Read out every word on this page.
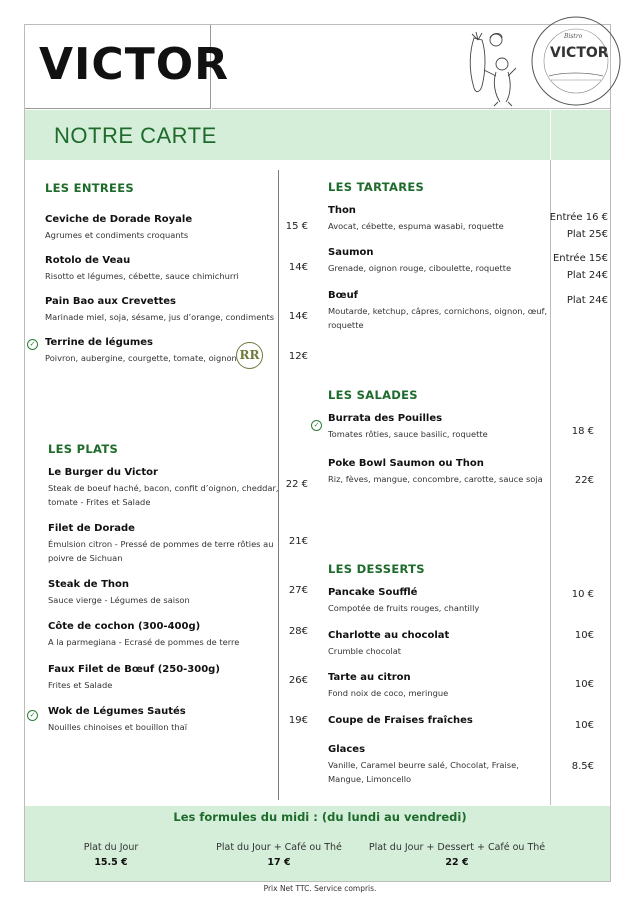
VICTOR
Bistro
VICTOR
NOTRE CARTE
LES ENTREES
Ceviche de Dorade Royale
Agrumes et condiments croquants
15 €
Rotolo de Veau
Risotto et légumes, cébette, sauce chimichurri
14€
Pain Bao aux Crevettes
Marinade miel, soja, sésame, jus d’orange, condiments	14€
✓ Terrine de légumes
Poivron, aubergine, courgette, tomate, oignon RR	12€
LES PLATS
Le Burger du Victor
Steak de boeuf haché, bacon, confit d’oignon, cheddar,
tomate - Frites et Salade
22 €
Filet de Dorade
Émulsion citron - Pressé de pommes de terre rôties au
poivre de Sichuan
21€
Steak de Thon
Sauce vierge - Légumes de saison
27€
Côte de cochon (300-400g)
A la parmegiana - Ecrasé de pommes de terre
28€
Faux Filet de Bœuf (250-300g)
Frites et Salade	26€
✓ Wok de Légumes Sautés
Nouilles chinoises et bouillon thaï
19€
LES TARTARES
Thon
Avocat, cébette, espuma wasabi, roquette
Entrée 16 €
Plat 25€
Saumon
Grenade, oignon rouge, ciboulette, roquette
Entrée 15€
Plat 24€
Bœuf
Moutarde, ketchup, câpres, cornichons, oignon, œuf,
roquette
Plat 24€
LES SALADES
✓
Burrata des Pouilles
Tomates rôties, sauce basilic, roquette	18 €
Poke Bowl Saumon ou Thon
Riz, fèves, mangue, concombre, carotte, sauce soja	22€
LES DESSERTS
Pancake Soufflé
Compotée de fruits rouges, chantilly
10 €
Charlotte au chocolat
Crumble chocolat
10€
Tarte au citron
Fond noix de coco, meringue
10€
Coupe de Fraises fraîches	10€
Glaces
Vanille, Caramel beurre salé, Chocolat, Fraise,
Mangue, Limoncello
8.5€
Les formules du midi : (du lundi au vendredi)
Plat du Jour
15.5 €
Plat du Jour + Café ou Thé
17 €
Plat du Jour + Dessert + Café ou Thé
22 €
Prix Net TTC. Service compris.
